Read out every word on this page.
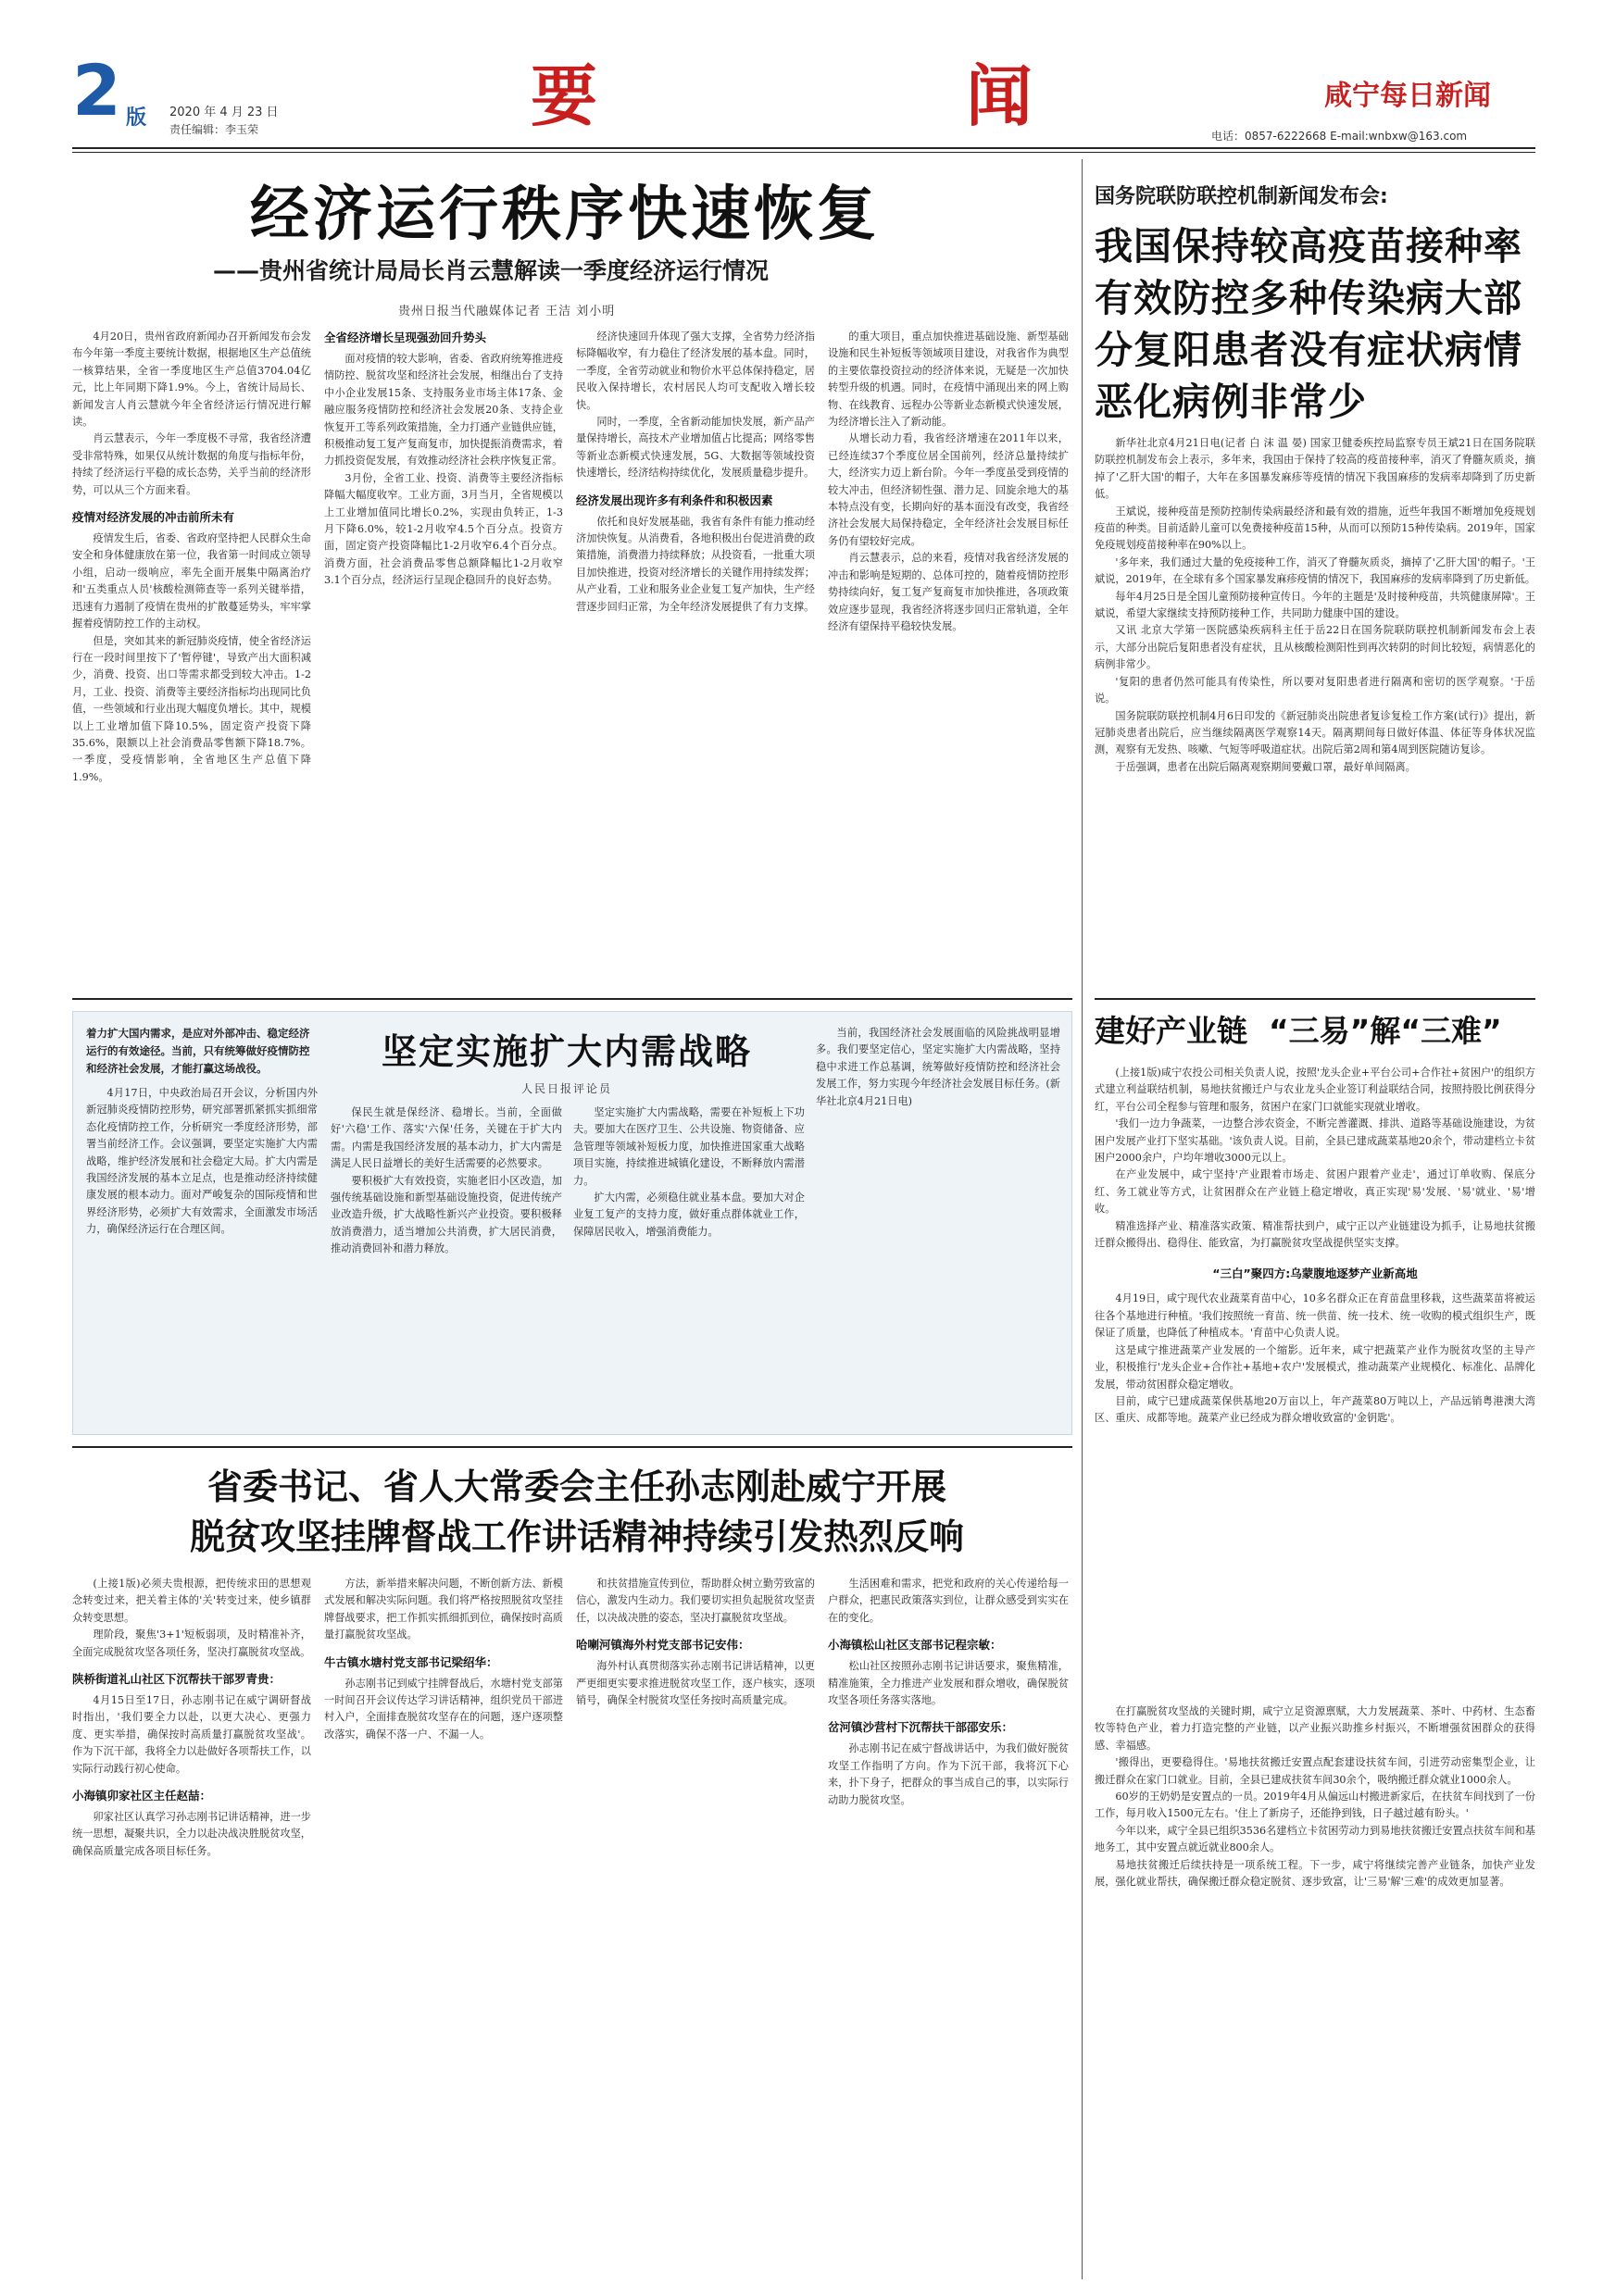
2 版 2020 年 4 月 23 日
责任编辑：李玉荣	要	闻	咸宁每日新闻
电话：0857-6222668 E-mail:wnbxw@163.com
经济运行秩序快速恢复
——贵州省统计局局长肖云慧解读一季度经济运行情况
贵州日报当代融媒体记者 王洁 刘小明

4月20日，贵州省政府新闻办召开新闻发布会发布今年第一季度主要统计数据，根据地区生产总值统一核算结果，全省一季度地区生产总值3704.04亿元，比上年同期下降1.9%。今上，省统计局局长、新闻发言人肖云慧就今年全省经济运行情况进行解读。

肖云慧表示，今年一季度极不寻常，我省经济遭受非常特殊，如果仅从统计数据的角度与指标年份，持续了经济运行平稳的成长态势，关乎当前的经济形势，可以从三个方面来看。

疫情对经济发展的冲击前所未有

疫情发生后，省委、省政府坚持把人民群众生命安全和身体健康放在第一位，我省第一时间成立领导小组，启动一级响应，率先全面开展集中隔离治疗和'五类重点人员'核酸检测筛查等一系列关键举措，迅速有力遏制了疫情在贵州的扩散蔓延势头，牢牢掌握着疫情防控工作的主动权。

但是，突如其来的新冠肺炎疫情，使全省经济运行在一段时间里按下了'暂停键'，导致产出大面积减少，消费、投资、出口等需求都受到较大冲击。1-2月，工业、投资、消费等主要经济指标均出现同比负值，一些领域和行业出现大幅度负增长。其中，规模以上工业增加值下降10.5%，固定资产投资下降35.6%，限额以上社会消费品零售额下降18.7%。一季度，受疫情影响，全省地区生产总值下降1.9%。

全省经济增长呈现强劲回升势头

面对疫情的较大影响，省委、省政府统筹推进疫情防控、脱贫攻坚和经济社会发展，相继出台了支持中小企业发展15条、支持服务业市场主体17条、金融应服务疫情防控和经济社会发展20条、支持企业恢复开工等系列政策措施，全力打通产业链供应链，积极推动复工复产复商复市，加快提振消费需求，着力抓投资促发展，有效推动经济社会秩序恢复正常。

3月份，全省工业、投资、消费等主要经济指标降幅大幅度收窄。工业方面，3月当月，全省规模以上工业增加值同比增长0.2%，实现由负转正，1-3月下降6.0%，较1-2月收窄4.5个百分点。投资方面，固定资产投资降幅比1-2月收窄6.4个百分点。消费方面，社会消费品零售总额降幅比1-2月收窄3.1个百分点，经济运行呈现企稳回升的良好态势。

经济快速回升体现了强大支撑，全省势力经济指标降幅收窄，有力稳住了经济发展的基本盘。同时，一季度，全省劳动就业和物价水平总体保持稳定，居民收入保持增长，农村居民人均可支配收入增长较快。

同时，一季度，全省新动能加快发展，新产品产量保持增长，高技术产业增加值占比提高；网络零售等新业态新模式快速发展，5G、大数据等领域投资快速增长，经济结构持续优化，发展质量稳步提升。

经济发展出现许多有利条件和积极因素

依托和良好发展基础，我省有条件有能力推动经济加快恢复。从消费看，各地积极出台促进消费的政策措施，消费潜力持续释放；从投资看，一批重大项目加快推进，投资对经济增长的关键作用持续发挥；从产业看，工业和服务业企业复工复产加快，生产经营逐步回归正常，为全年经济发展提供了有力支撑。

的重大项目，重点加快推进基础设施、新型基础设施和民生补短板等领域项目建设，对我省作为典型的主要依靠投资拉动的经济体来说，无疑是一次加快转型升级的机遇。同时，在疫情中涌现出来的网上购物、在线教育、远程办公等新业态新模式快速发展，为经济增长注入了新动能。

从增长动力看，我省经济增速在2011年以来，已经连续37个季度位居全国前列，经济总量持续扩大，经济实力迈上新台阶。今年一季度虽受到疫情的较大冲击，但经济韧性强、潜力足、回旋余地大的基本特点没有变，长期向好的基本面没有改变，我省经济社会发展大局保持稳定，全年经济社会发展目标任务仍有望较好完成。

肖云慧表示，总的来看，疫情对我省经济发展的冲击和影响是短期的、总体可控的，随着疫情防控形势持续向好，复工复产复商复市加快推进，各项政策效应逐步显现，我省经济将逐步回归正常轨道，全年经济有望保持平稳较快发展。

国务院联防联控机制新闻发布会:
我国保持较高疫苗接种率有效防控多种传染病大部分复阳患者没有症状病情恶化病例非常少

新华社北京4月21日电(记者 白 沫 温 晏) 国家卫健委疾控局监察专员王斌21日在国务院联防联控机制发布会上表示，多年来，我国由于保持了较高的疫苗接种率，消灭了脊髓灰质炎，摘掉了'乙肝大国'的帽子，大年在多国暴发麻疹等疫情的情况下我国麻疹的发病率却降到了历史新低。

王斌说，接种疫苗是预防控制传染病最经济和最有效的措施，近些年我国不断增加免疫规划疫苗的种类。目前适龄儿童可以免费接种疫苗15种，从而可以预防15种传染病。2019年，国家免疫规划疫苗接种率在90%以上。

'多年来，我们通过大量的免疫接种工作，消灭了脊髓灰质炎，摘掉了'乙肝大国'的帽子。'王斌说，2019年，在全球有多个国家暴发麻疹疫情的情况下，我国麻疹的发病率降到了历史新低。

每年4月25日是全国儿童预防接种宣传日。今年的主题是'及时接种疫苗，共筑健康屏障'。王斌说，希望大家继续支持预防接种工作，共同助力健康中国的建设。

又讯 北京大学第一医院感染疾病科主任于岳22日在国务院联防联控机制新闻发布会上表示，大部分出院后复阳患者没有症状，且从核酸检测阳性到再次转阴的时间比较短，病情恶化的病例非常少。

'复阳的患者仍然可能具有传染性，所以要对复阳患者进行隔离和密切的医学观察。'于岳说。

国务院联防联控机制4月6日印发的《新冠肺炎出院患者复诊复检工作方案(试行)》提出，新冠肺炎患者出院后，应当继续隔离医学观察14天。隔离期间每日做好体温、体征等身体状况监测，观察有无发热、咳嗽、气短等呼吸道症状。出院后第2周和第4周到医院随访复诊。

于岳强调，患者在出院后隔离观察期间要戴口罩，最好单间隔离。

建好产业链  “三易”解“三难”

(上接1版)咸宁农投公司相关负责人说，按照'龙头企业+平台公司+合作社+贫困户'的组织方式建立利益联结机制，易地扶贫搬迁户与农业龙头企业签订利益联结合同，按照持股比例获得分红，平台公司全程参与管理和服务，贫困户在家门口就能实现就业增收。

'我们一边力争蔬菜，一边整合涉农资金，不断完善灌溉、排洪、道路等基础设施建设，为贫困户发展产业打下坚实基础。'该负责人说。目前，全县已建成蔬菜基地20余个，带动建档立卡贫困户2000余户，户均年增收3000元以上。

在产业发展中，咸宁坚持'产业跟着市场走、贫困户跟着产业走'，通过订单收购、保底分红、务工就业等方式，让贫困群众在产业链上稳定增收，真正实现'易'发展、'易'就业、'易'增收。

精准选择产业、精准落实政策、精准帮扶到户，咸宁正以产业链建设为抓手，让易地扶贫搬迁群众搬得出、稳得住、能致富，为打赢脱贫攻坚战提供坚实支撑。

“三白”聚四方:乌蒙腹地逐梦产业新高地

4月19日，咸宁现代农业蔬菜育苗中心，10多名群众正在育苗盘里移栽，这些蔬菜苗将被运往各个基地进行种植。'我们按照统一育苗、统一供苗、统一技术、统一收购的模式组织生产，既保证了质量，也降低了种植成本。'育苗中心负责人说。

这是咸宁推进蔬菜产业发展的一个缩影。近年来，咸宁把蔬菜产业作为脱贫攻坚的主导产业，积极推行'龙头企业+合作社+基地+农户'发展模式，推动蔬菜产业规模化、标准化、品牌化发展，带动贫困群众稳定增收。

目前，咸宁已建成蔬菜保供基地20万亩以上，年产蔬菜80万吨以上，产品远销粤港澳大湾区、重庆、成都等地。蔬菜产业已经成为群众增收致富的'金钥匙'。

在打赢脱贫攻坚战的关键时期，咸宁立足资源禀赋，大力发展蔬菜、茶叶、中药材、生态畜牧等特色产业，着力打造完整的产业链，以产业振兴助推乡村振兴，不断增强贫困群众的获得感、幸福感。

'搬得出，更要稳得住。'易地扶贫搬迁安置点配套建设扶贫车间，引进劳动密集型企业，让搬迁群众在家门口就业。目前，全县已建成扶贫车间30余个，吸纳搬迁群众就业1000余人。

60岁的王奶奶是安置点的一员。2019年4月从偏远山村搬进新家后，在扶贫车间找到了一份工作，每月收入1500元左右。'住上了新房子，还能挣到钱，日子越过越有盼头。'

今年以来，咸宁全县已组织3536名建档立卡贫困劳动力到易地扶贫搬迁安置点扶贫车间和基地务工，其中安置点就近就业800余人。

易地扶贫搬迁后续扶持是一项系统工程。下一步，咸宁将继续完善产业链条，加快产业发展，强化就业帮扶，确保搬迁群众稳定脱贫、逐步致富，让'三易'解'三难'的成效更加显著。

着力扩大国内需求，是应对外部冲击、稳定经济运行的有效途径。当前，只有统筹做好疫情防控和经济社会发展，才能打赢这场战役。

4月17日，中央政治局召开会议，分析国内外新冠肺炎疫情防控形势，研究部署抓紧抓实抓细常态化疫情防控工作，分析研究一季度经济形势，部署当前经济工作。会议强调，要坚定实施扩大内需战略，维护经济发展和社会稳定大局。扩大内需是我国经济发展的基本立足点，也是推动经济持续健康发展的根本动力。面对严峻复杂的国际疫情和世界经济形势，必须扩大有效需求，全面激发市场活力，确保经济运行在合理区间。

坚定实施扩大内需战略
人民日报评论员

保民生就是保经济、稳增长。当前，全面做好'六稳'工作、落实'六保'任务，关键在于扩大内需。内需是我国经济发展的基本动力，扩大内需是满足人民日益增长的美好生活需要的必然要求。

要积极扩大有效投资，实施老旧小区改造，加强传统基础设施和新型基础设施投资，促进传统产业改造升级，扩大战略性新兴产业投资。要积极释放消费潜力，适当增加公共消费，扩大居民消费，推动消费回补和潜力释放。

坚定实施扩大内需战略，需要在补短板上下功夫。要加大在医疗卫生、公共设施、物资储备、应急管理等领域补短板力度，加快推进国家重大战略项目实施，持续推进城镇化建设，不断释放内需潜力。

扩大内需，必须稳住就业基本盘。要加大对企业复工复产的支持力度，做好重点群体就业工作，保障居民收入，增强消费能力。

当前，我国经济社会发展面临的风险挑战明显增多。我们要坚定信心，坚定实施扩大内需战略，坚持稳中求进工作总基调，统筹做好疫情防控和经济社会发展工作，努力实现今年经济社会发展目标任务。(新华社北京4月21日电)

省委书记、省人大常委会主任孙志刚赴威宁开展
脱贫攻坚挂牌督战工作讲话精神持续引发热烈反响

(上接1版)必须夫贵根源，把传统求田的思想观念转变过来，把关着主体的'关'转变过来，使乡镇群众转变思想。

理阶段，聚焦'3+1'短板弱项，及时精准补齐，全面完成脱贫攻坚各项任务，坚决打赢脱贫攻坚战。

陕桥街道礼山社区下沉帮扶干部罗青贵：

4月15日至17日，孙志刚书记在威宁调研督战时指出，'我们要全力以赴，以更大决心、更强力度、更实举措，确保按时高质量打赢脱贫攻坚战'。作为下沉干部，我将全力以赴做好各项帮扶工作，以实际行动践行初心使命。

小海镇卯家社区主任赵喆：

卯家社区认真学习孙志刚书记讲话精神，进一步统一思想，凝聚共识，全力以赴决战决胜脱贫攻坚，确保高质量完成各项目标任务。

方法，新举措来解决问题，不断创新方法、新模式发展和解决实际问题。我们将严格按照脱贫攻坚挂牌督战要求，把工作抓实抓细抓到位，确保按时高质量打赢脱贫攻坚战。

牛古镇水塘村党支部书记梁绍华：

孙志刚书记到威宁挂牌督战后，水塘村党支部第一时间召开会议传达学习讲话精神，组织党员干部进村入户，全面排查脱贫攻坚存在的问题，逐户逐项整改落实，确保不落一户、不漏一人。

和扶贫措施宣传到位，帮助群众树立勤劳致富的信心，激发内生动力。我们要切实担负起脱贫攻坚责任，以决战决胜的姿态，坚决打赢脱贫攻坚战。

哈喇河镇海外村党支部书记安伟：

海外村认真贯彻落实孙志刚书记讲话精神，以更严更细更实要求推进脱贫攻坚工作，逐户核实，逐项销号，确保全村脱贫攻坚任务按时高质量完成。

生活困难和需求，把党和政府的关心传递给每一户群众，把惠民政策落实到位，让群众感受到实实在在的变化。

小海镇松山社区支部书记程宗敏：

松山社区按照孙志刚书记讲话要求，聚焦精准，精准施策，全力推进产业发展和群众增收，确保脱贫攻坚各项任务落实落地。

岔河镇沙营村下沉帮扶干部邵安乐：

孙志刚书记在威宁督战讲话中，为我们做好脱贫攻坚工作指明了方向。作为下沉干部，我将沉下心来，扑下身子，把群众的事当成自己的事，以实际行动助力脱贫攻坚。
